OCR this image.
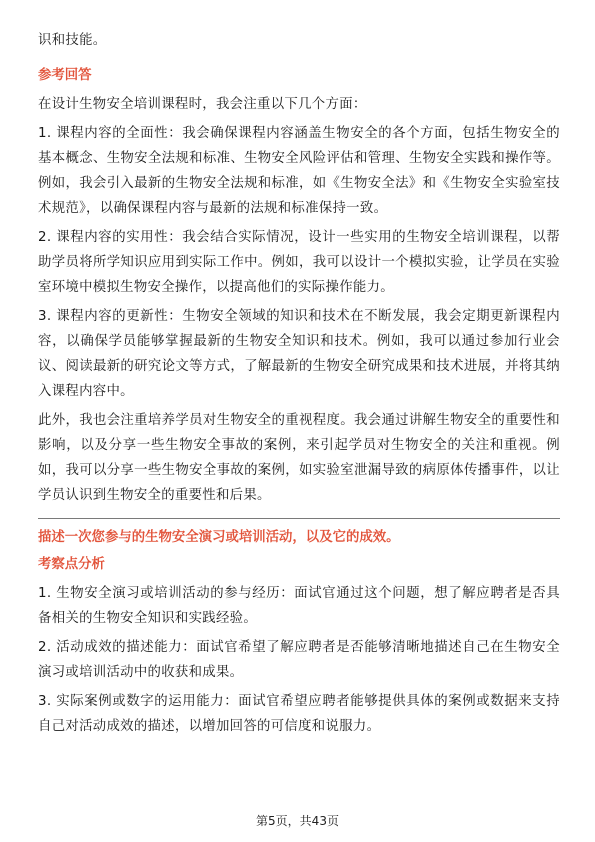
识和技能。

参考回答

在设计生物安全培训课程时，我会注重以下几个方面：

1. 课程内容的全面性：我会确保课程内容涵盖生物安全的各个方面，包括生物安全的基本概念、生物安全法规和标准、生物安全风险评估和管理、生物安全实践和操作等。例如，我会引入最新的生物安全法规和标准，如《生物安全法》和《生物安全实验室技术规范》，以确保课程内容与最新的法规和标准保持一致。

2. 课程内容的实用性：我会结合实际情况，设计一些实用的生物安全培训课程，以帮助学员将所学知识应用到实际工作中。例如，我可以设计一个模拟实验，让学员在实验室环境中模拟生物安全操作，以提高他们的实际操作能力。

3. 课程内容的更新性：生物安全领域的知识和技术在不断发展，我会定期更新课程内容，以确保学员能够掌握最新的生物安全知识和技术。例如，我可以通过参加行业会议、阅读最新的研究论文等方式，了解最新的生物安全研究成果和技术进展，并将其纳入课程内容中。

此外，我也会注重培养学员对生物安全的重视程度。我会通过讲解生物安全的重要性和影响，以及分享一些生物安全事故的案例，来引起学员对生物安全的关注和重视。例如，我可以分享一些生物安全事故的案例，如实验室泄漏导致的病原体传播事件，以让学员认识到生物安全的重要性和后果。

描述一次您参与的生物安全演习或培训活动，以及它的成效。
考察点分析

1. 生物安全演习或培训活动的参与经历：面试官通过这个问题，想了解应聘者是否具备相关的生物安全知识和实践经验。

2. 活动成效的描述能力：面试官希望了解应聘者是否能够清晰地描述自己在生物安全演习或培训活动中的收获和成果。

3. 实际案例或数字的运用能力：面试官希望应聘者能够提供具体的案例或数据来支持自己对活动成效的描述，以增加回答的可信度和说服力。

第5页，共43页
